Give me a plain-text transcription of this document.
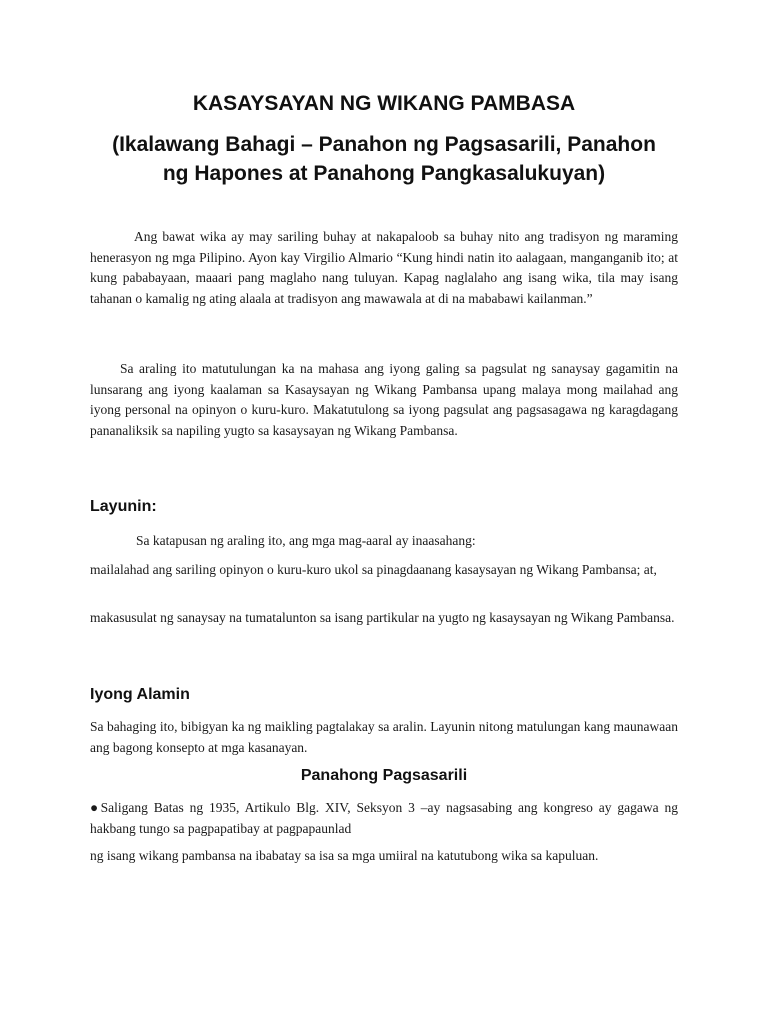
KASAYSAYAN NG WIKANG PAMBASA
(Ikalawang Bahagi – Panahon ng Pagsasarili, Panahon ng Hapones at Panahong Pangkasalukuyan)

Ang bawat wika ay may sariling buhay at nakapaloob sa buhay nito ang tradisyon ng maraming henerasyon ng mga Pilipino. Ayon kay Virgilio Almario “Kung hindi natin ito aalagaan, manganganib ito; at kung pababayaan, maaari pang maglaho nang tuluyan. Kapag naglalaho ang isang wika, tila may isang tahanan o kamalig ng ating alaala at tradisyon ang mawawala at di na mababawi kailanman.”

Sa araling ito matutulungan ka na mahasa ang iyong galing sa pagsulat ng sanaysay gagamitin na lunsarang ang iyong kaalaman sa Kasaysayan ng Wikang Pambansa upang malaya mong mailahad ang iyong personal na opinyon o kuru-kuro. Makatutulong sa iyong pagsulat ang pagsasagawa ng karagdagang pananaliksik sa napiling yugto sa kasaysayan ng Wikang Pambansa.

Layunin:

Sa katapusan ng araling ito, ang mga mag-aaral ay inaasahang:

mailalahad ang sariling opinyon o kuru-kuro ukol sa pinagdaanang kasaysayan ng Wikang Pambansa; at,

makasusulat ng sanaysay na tumatalunton sa isang partikular na yugto ng kasaysayan ng Wikang Pambansa.

Iyong Alamin

Sa bahaging ito, bibigyan ka ng maikling pagtalakay sa aralin. Layunin nitong matulungan kang maunawaan ang bagong konsepto at mga kasanayan.

Panahong Pagsasarili

●Saligang Batas ng 1935, Artikulo Blg. XIV, Seksyon 3 –ay nagsasabing ang kongreso ay gagawa ng hakbang tungo sa pagpapatibay at pagpapaunlad

ng isang wikang pambansa na ibabatay sa isa sa mga umiiral na katutubong wika sa kapuluan.
